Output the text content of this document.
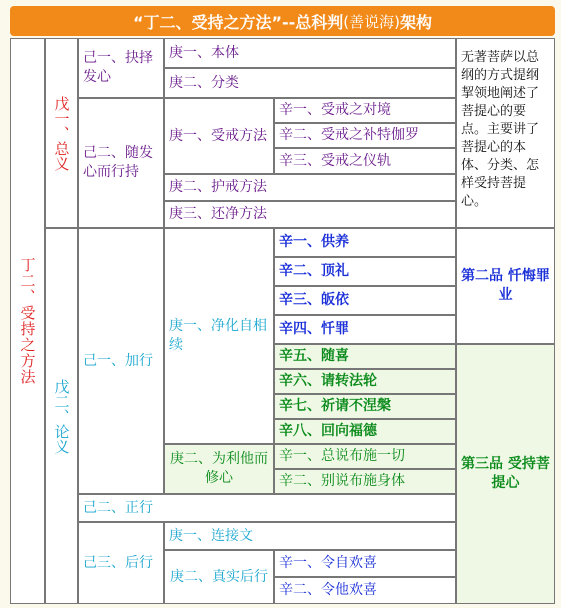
“丁二、受持之方法” --总科判 (善说海) 架构
丁二、受持之方法
戊一、总义
戊二、论义
己一、抉择发心
己二、随发心而行持
己一、加行
己二、正行
己三、后行
庚一、本体
庚二、分类
庚一、受戒方法
庚二、护戒方法
庚三、还净方法
庚一、净化自相续
庚二、为利他而修心
庚一、连接文
庚二、真实后行
辛一、受戒之对境
辛二、受戒之补特伽罗
辛三、受戒之仪轨
辛一、供养
辛二、顶礼
辛三、皈依
辛四、忏罪
辛五、随喜
辛六、请转法轮
辛七、祈请不涅槃
辛八、回向福德
辛一、总说布施一切
辛二、别说布施身体
辛一、令自欢喜
辛二、令他欢喜
无著菩萨以总纲的方式提纲挈领地阐述了菩提心的要点。主要讲了菩提心的本体、分类、怎样受持菩提心。
第二品 忏悔罪业
第三品 受持菩提心
